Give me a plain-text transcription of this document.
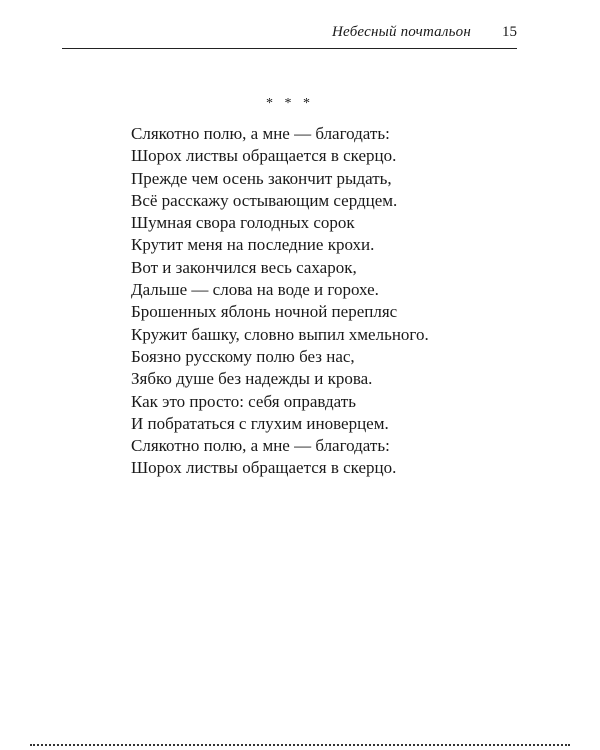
Небесный почтальон 15
* * *
Слякотно полю, а мне — благодать:
Шорох листвы обращается в скерцо.
Прежде чем осень закончит рыдать,
Всё расскажу остывающим сердцем.
Шумная свора голодных сорок
Крутит меня на последние крохи.
Вот и закончился весь сахарок,
Дальше — слова на воде и горохе.
Брошенных яблонь ночной перепляс
Кружит башку, словно выпил хмельного.
Боязно русскому полю без нас,
Зябко душе без надежды и крова.
Как это просто: себя оправдать
И побрататься с глухим иноверцем.
Слякотно полю, а мне — благодать:
Шорох листвы обращается в скерцо.
